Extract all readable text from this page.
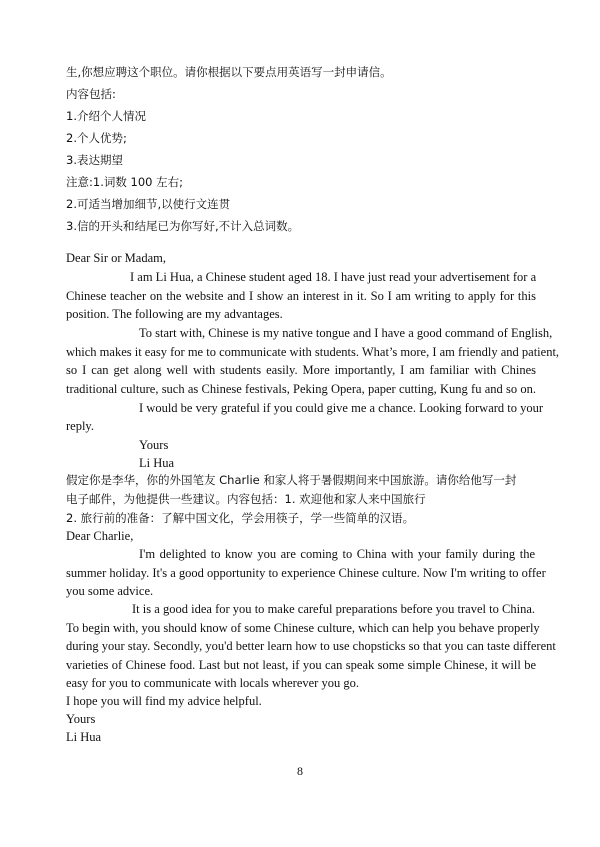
生,你想应聘这个职位。请你根据以下要点用英语写一封申请信。
内容包括:
1.介绍个人情况
2.个人优势;
3.表达期望
注意:1.词数 100 左右;
2.可适当增加细节,以使行文连贯
3.信的开头和结尾已为你写好,不计入总词数。
Dear Sir or Madam,
I am Li Hua, a Chinese student aged 18. I have just read your advertisement for a
Chinese teacher on the website and I show an interest in it. So I am writing to apply for this
position. The following are my advantages.
To start with, Chinese is my native tongue and I have a good command of English,
which makes it easy for me to communicate with students. What’s more, I am friendly and patient,
so I can get along well with students easily. More importantly, I am familiar with Chines
traditional culture, such as Chinese festivals, Peking Opera, paper cutting, Kung fu and so on.
I would be very grateful if you could give me a chance. Looking forward to your
reply.
Yours
Li Hua
假定你是李华，你的外国笔友 Charlie 和家人将于暑假期间来中国旅游。请你给他写一封
电子邮件，为他提供一些建议。内容包括：1. 欢迎他和家人来中国旅行
2. 旅行前的准备：了解中国文化，学会用筷子，学一些简单的汉语。
Dear Charlie,
I'm delighted to know you are coming to China with your family during the
summer holiday. It's a good opportunity to experience Chinese culture. Now I'm writing to offer
you some advice.
It is a good idea for you to make careful preparations before you travel to China.
To begin with, you should know of some Chinese culture, which can help you behave properly
during your stay. Secondly, you'd better learn how to use chopsticks so that you can taste different
varieties of Chinese food. Last but not least, if you can speak some simple Chinese, it will be
easy for you to communicate with locals wherever you go.
I hope you will find my advice helpful.
Yours
Li Hua
8
